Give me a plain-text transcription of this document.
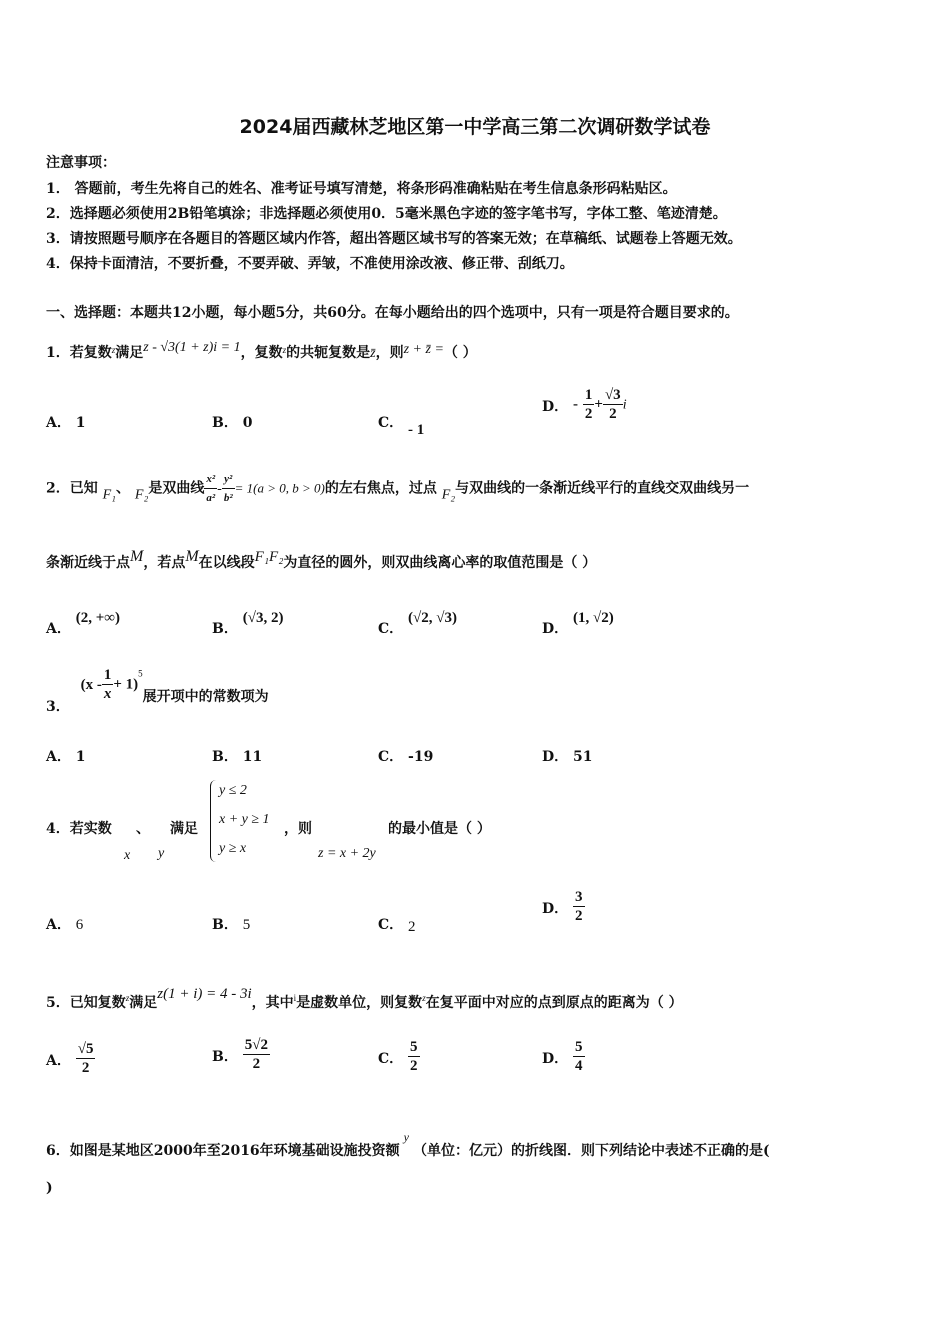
2024届西藏林芝地区第一中学高三第二次调研数学试卷
注意事项：
1． 答题前，考生先将自己的姓名、准考证号填写清楚，将条形码准确粘贴在考生信息条形码粘贴区。
2．选择题必须使用2B铅笔填涂；非选择题必须使用0．5毫米黑色字迹的签字笔书写，字体工整、笔迹清楚。
3．请按照题号顺序在各题目的答题区域内作答，超出答题区域书写的答案无效；在草稿纸、试题卷上答题无效。
4．保持卡面清洁，不要折叠，不要弄破、弄皱，不准使用涂改液、修正带、刮纸刀。
一、选择题：本题共12小题，每小题5分，共60分。在每小题给出的四个选项中，只有一项是符合题目要求的。
1．若复数$^z$满足z - √3(1 + z)i = 1，复数$^z$的共轭复数是z̄，则z + z̄ =（ ）
A． 1	B． 0	C． - 1
D． - $\frac{1}{2} + \frac{√3}{2}$ i
2．已知 F₁、 F₂是双曲线 $\frac{\text{x²}}{\text{a²}} - \frac{\text{y²}}{\text{b²}} = 1(a > 0$, b > 0)的左右焦点，过点 F₂与双曲线的一条渐近线平行的直线交双曲线另一
条渐近线于点M，若点M在以线段F₁F₂为直径的圆外，则双曲线离心率的取值范围是（ ）
A． (2, +∞)
B． (√3, 2)
C． (√2, √3)
D． (1, √2)
3． $(x - \frac{1}{x} + 1)^5$展开项中的常数项为
A． 1	B． 11	C． -19	D． 51
4．若实数 、 满足
x y
y ≤ 2
x + y ≥ 1
y ≥ x
，则
z = x + 2y
的最小值是（ ）
A． 6	B． 5	C． 2
D． $\frac{3}{2}$
5．已知复数$^z$满足z(1 + i) = 4 - 3i，其中$^i$是虚数单位，则复数$^z$在复平面中对应的点到原点的距离为（ ）
A． $\frac{√5}{2}$	B． $\frac{5√2}{2}$	C． $\frac{5}{2}$	D． $\frac{5}{4}$
6．如图是某地区2000年至2016年环境基础设施投资额y（单位：亿元）的折线图．则下列结论中表述不正确的是(
)
